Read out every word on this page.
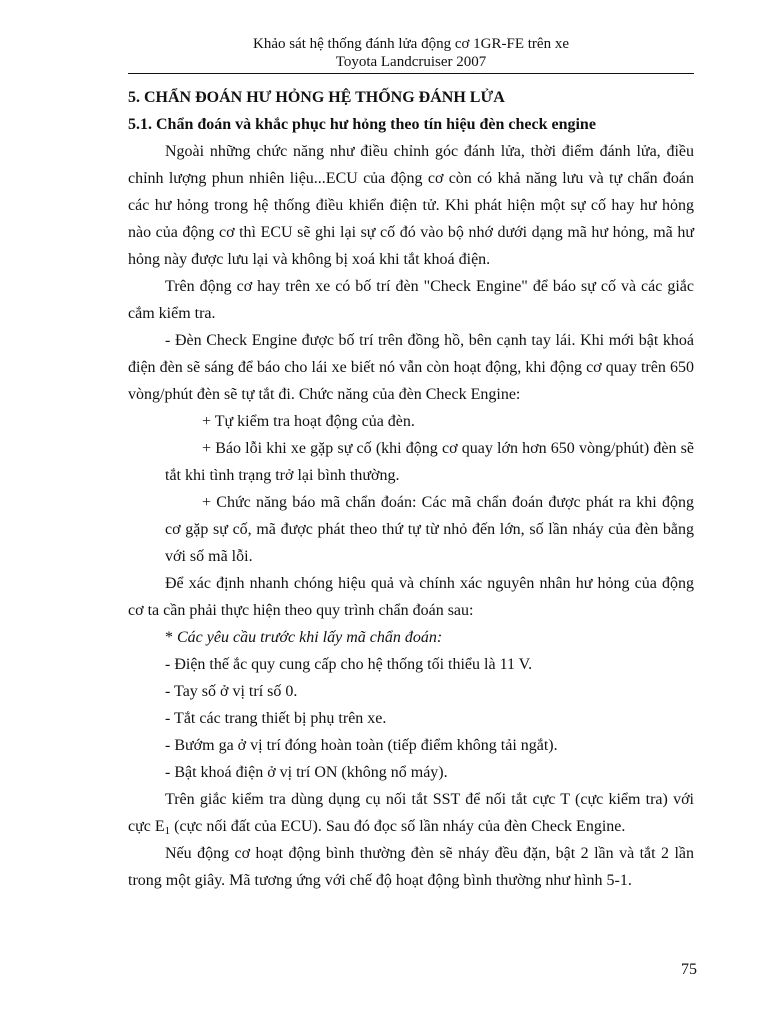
Khảo sát hệ thống đánh lửa động cơ 1GR-FE trên xe
Toyota Landcruiser 2007

5. CHẨN ĐOÁN HƯ HỎNG HỆ THỐNG ĐÁNH LỬA

5.1. Chẩn đoán và khắc phục hư hỏng theo tín hiệu đèn check engine

Ngoài những chức năng như điều chỉnh góc đánh lửa, thời điểm đánh lửa, điều chỉnh lượng phun nhiên liệu...ECU của động cơ còn có khả năng lưu và tự chẩn đoán các hư hỏng trong hệ thống điều khiển điện tử. Khi phát hiện một sự cố hay hư hỏng nào của động cơ thì ECU sẽ ghi lại sự cố đó vào bộ nhớ dưới dạng mã hư hỏng, mã hư hỏng này được lưu lại và không bị xoá khi tắt khoá điện.

Trên động cơ hay trên xe có bố trí đèn "Check Engine" để báo sự cố và các giắc cắm kiểm tra.

- Đèn Check Engine được bố trí trên đồng hồ, bên cạnh tay lái. Khi mới bật khoá điện đèn sẽ sáng để báo cho lái xe biết nó vẫn còn hoạt động, khi động cơ quay trên 650 vòng/phút đèn sẽ tự tắt đi. Chức năng của đèn Check Engine:

+ Tự kiểm tra hoạt động của đèn.

+ Báo lỗi khi xe gặp sự cố (khi động cơ quay lớn hơn 650 vòng/phút) đèn sẽ tắt khi tình trạng trở lại bình thường.

+ Chức năng báo mã chẩn đoán: Các mã chẩn đoán được phát ra khi động cơ gặp sự cố, mã được phát theo thứ tự từ nhỏ đến lớn, số lần nháy của đèn bằng với số mã lỗi.

Để xác định nhanh chóng hiệu quả và chính xác nguyên nhân hư hỏng của động cơ ta cần phải thực hiện theo quy trình chẩn đoán sau:

* Các yêu cầu trước khi lấy mã chẩn đoán:

- Điện thế ắc quy cung cấp cho hệ thống tối thiểu là 11 V.

- Tay số ở vị trí số 0.

- Tắt các trang thiết bị phụ trên xe.

- Bướm ga ở vị trí đóng hoàn toàn (tiếp điểm không tải ngắt).

- Bật khoá điện ở vị trí ON (không nổ máy).

Trên giắc kiểm tra dùng dụng cụ nối tắt SST để nối tắt cực T (cực kiểm tra) với cực $E_1$ (cực nối đất của ECU). Sau đó đọc số lần nháy của đèn Check Engine.

Nếu động cơ hoạt động bình thường đèn sẽ nháy đều đặn, bật 2 lần và tắt 2 lần trong một giây. Mã tương ứng với chế độ hoạt động bình thường như hình 5-1.

75
